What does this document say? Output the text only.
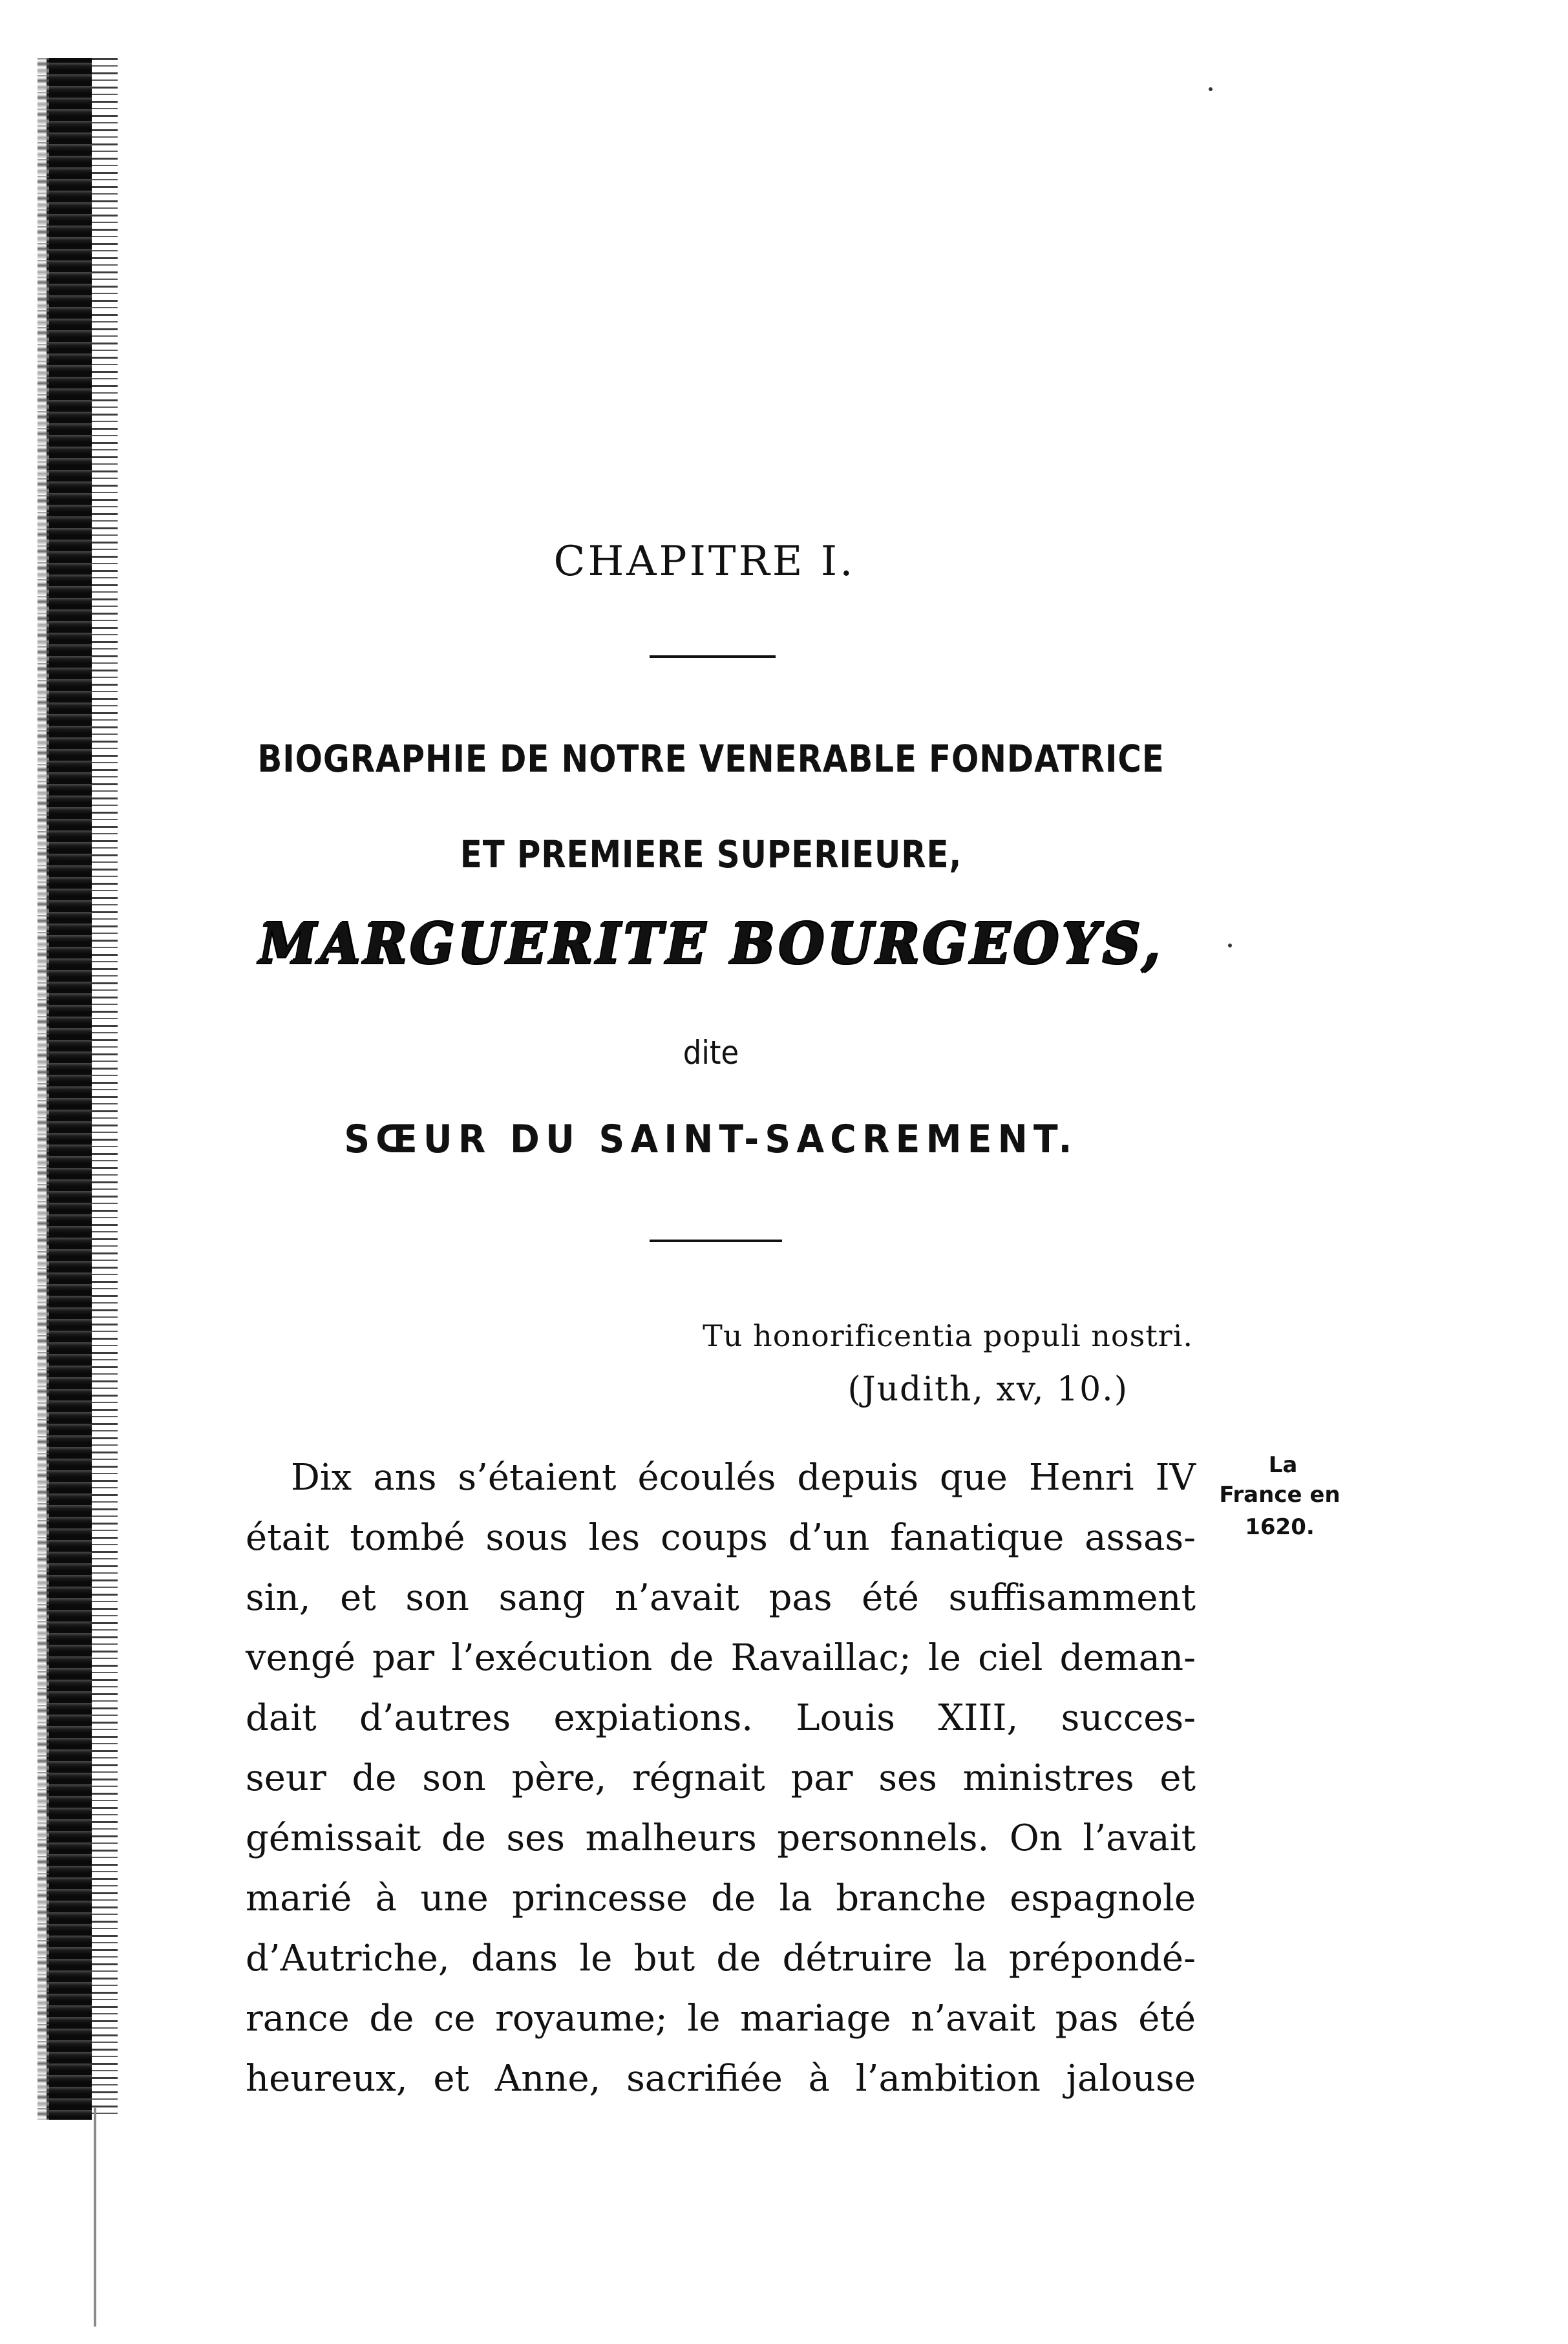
CHAPITRE I.
BIOGRAPHIE DE NOTRE VENERABLE FONDATRICE
ET PREMIERE SUPERIEURE,
MARGUERITE BOURGEOYS,
dite
SŒUR DU SAINT-SACREMENT.
Tu honorificentia populi nostri.
(Judith, xv, 10.)
La
France en
1620.
Dix ans s’étaient écoulés depuis que Henri IV
était tombé sous les coups d’un fanatique assas-
sin, et son sang n’avait pas été suffisamment
vengé par l’exécution de Ravaillac; le ciel deman-
dait d’autres expiations. Louis XIII, succes-
seur de son père, régnait par ses ministres et
gémissait de ses malheurs personnels. On l’avait
marié à une princesse de la branche espagnole
d’Autriche, dans le but de détruire la prépondé-
rance de ce royaume; le mariage n’avait pas été
heureux, et Anne, sacrifiée à l’ambition jalouse
